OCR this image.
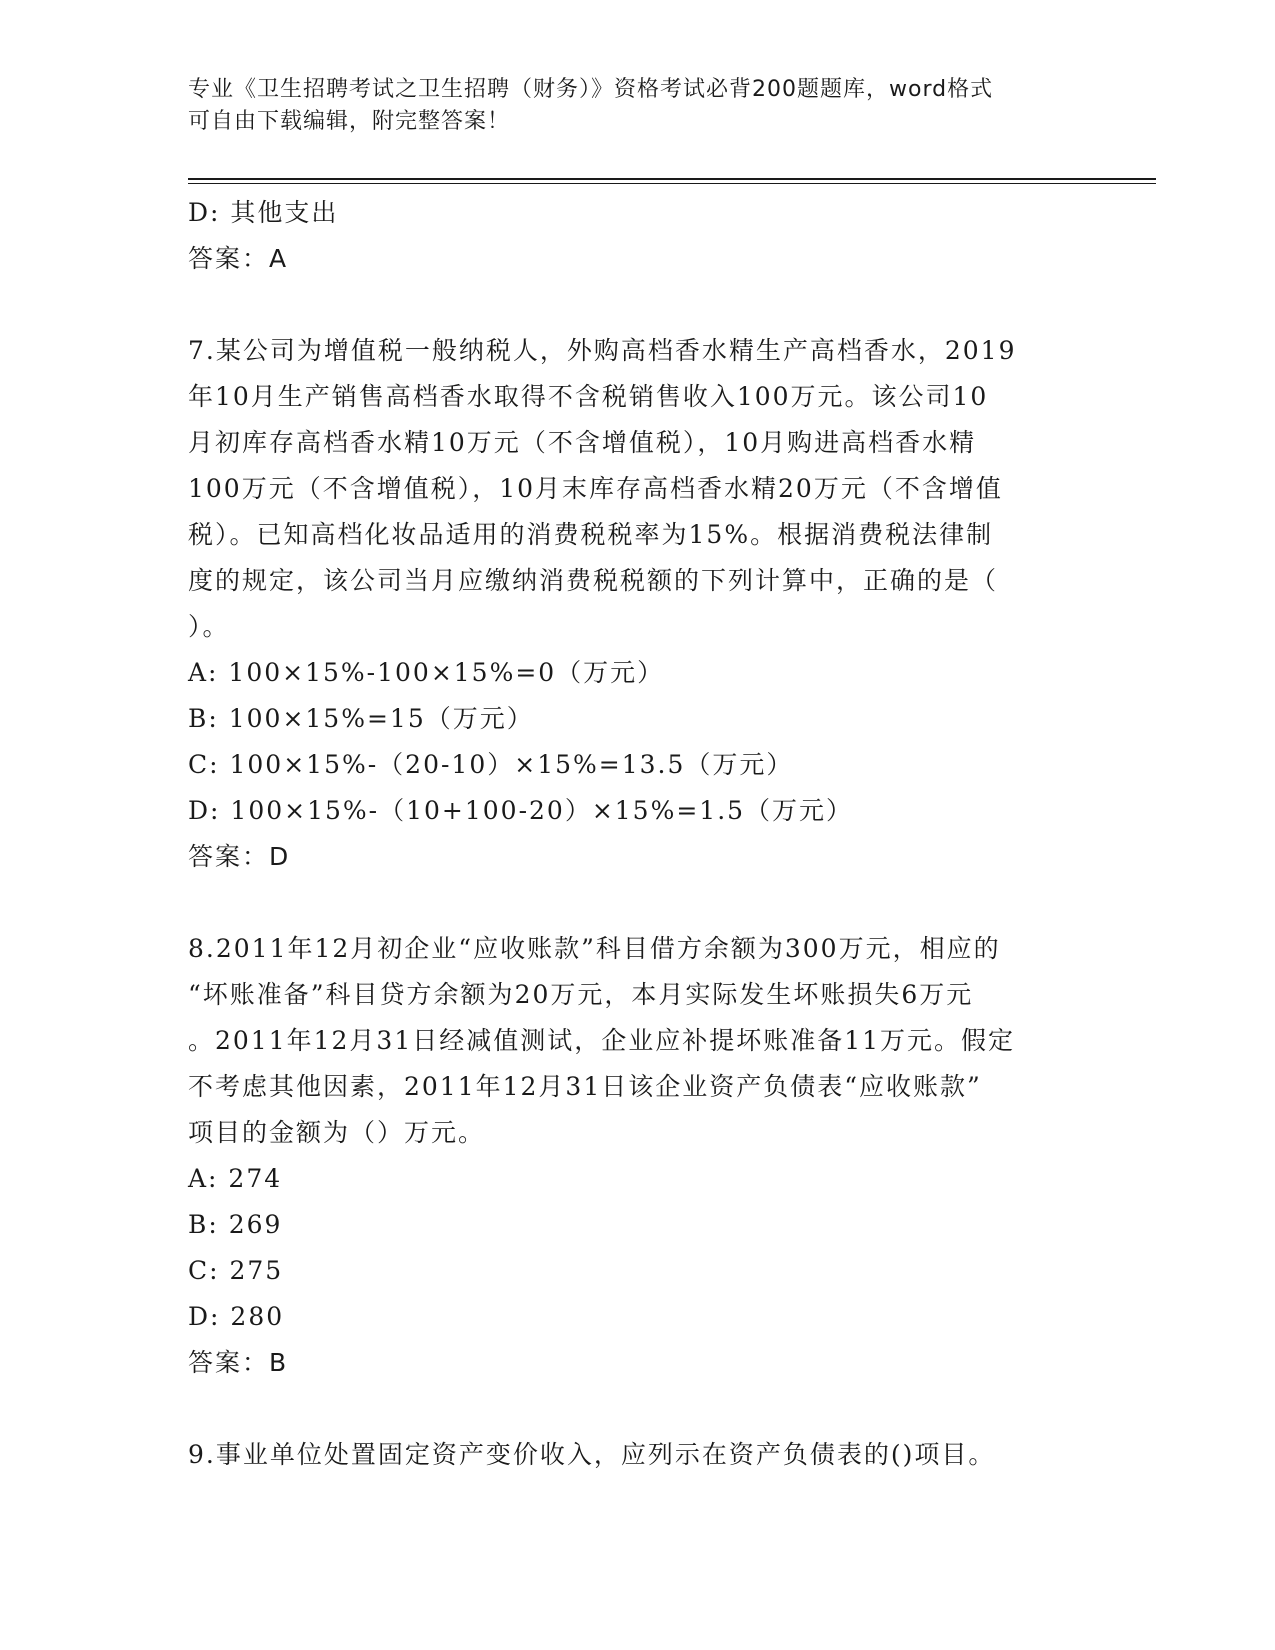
专业《卫生招聘考试之卫生招聘（财务）》资格考试必背200题题库，word格式
可自由下载编辑，附完整答案！
D: 其他支出
答案：A
7.某公司为增值税一般纳税人，外购高档香水精生产高档香水，2019
年10月生产销售高档香水取得不含税销售收入100万元。该公司10
月初库存高档香水精10万元（不含增值税），10月购进高档香水精
100万元（不含增值税），10月末库存高档香水精20万元（不含增值
税）。已知高档化妆品适用的消费税税率为15%。根据消费税法律制
度的规定，该公司当月应缴纳消费税税额的下列计算中，正确的是（
）。
A: 100×15%-100×15%=0（万元）
B: 100×15%=15（万元）
C: 100×15%-（20-10）×15%=13.5（万元）
D: 100×15%-（10+100-20）×15%=1.5（万元）
答案：D
8.2011年12月初企业“应收账款”科目借方余额为300万元，相应的
“坏账准备”科目贷方余额为20万元，本月实际发生坏账损失6万元
。2011年12月31日经减值测试，企业应补提坏账准备11万元。假定
不考虑其他因素，2011年12月31日该企业资产负债表“应收账款”
项目的金额为（）万元。
A: 274
B: 269
C: 275
D: 280
答案：B
9.事业单位处置固定资产变价收入，应列示在资产负债表的()项目。
